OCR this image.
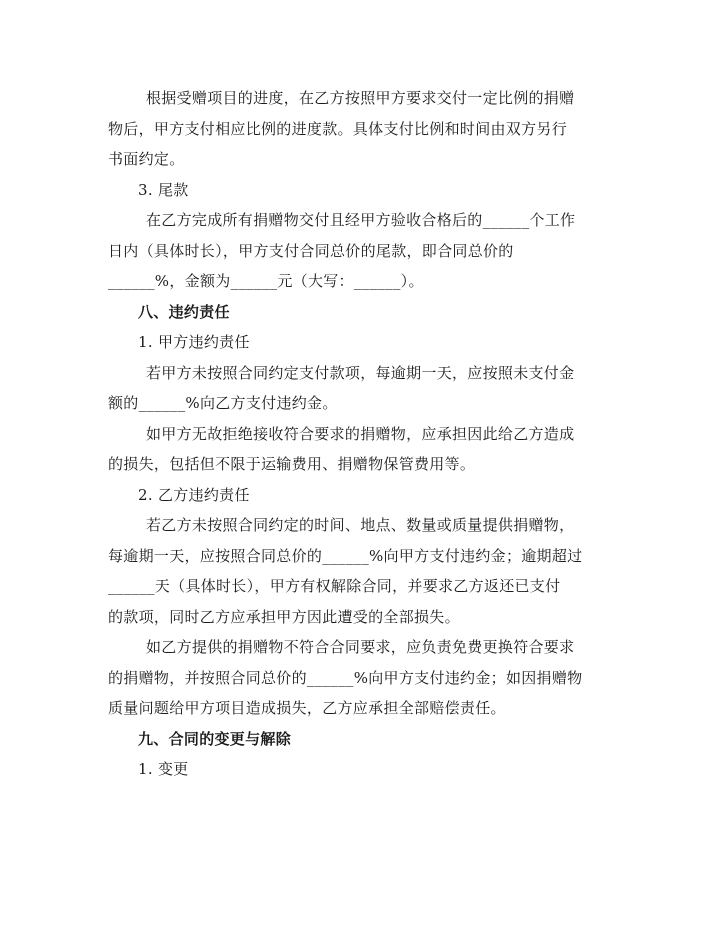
根据受赠项目的进度，在乙方按照甲方要求交付一定比例的捐赠
物后，甲方支付相应比例的进度款。具体支付比例和时间由双方另行
书面约定。
3. 尾款
在乙方完成所有捐赠物交付且经甲方验收合格后的______个工作
日内（具体时长），甲方支付合同总价的尾款，即合同总价的
______%，金额为______元（大写：______）。
八、违约责任
1. 甲方违约责任
若甲方未按照合同约定支付款项，每逾期一天，应按照未支付金
额的______%向乙方支付违约金。
如甲方无故拒绝接收符合要求的捐赠物，应承担因此给乙方造成
的损失，包括但不限于运输费用、捐赠物保管费用等。
2. 乙方违约责任
若乙方未按照合同约定的时间、地点、数量或质量提供捐赠物，
每逾期一天，应按照合同总价的______%向甲方支付违约金；逾期超过
______天（具体时长），甲方有权解除合同，并要求乙方返还已支付
的款项，同时乙方应承担甲方因此遭受的全部损失。
如乙方提供的捐赠物不符合合同要求，应负责免费更换符合要求
的捐赠物，并按照合同总价的______%向甲方支付违约金；如因捐赠物
质量问题给甲方项目造成损失，乙方应承担全部赔偿责任。
九、合同的变更与解除
1. 变更
